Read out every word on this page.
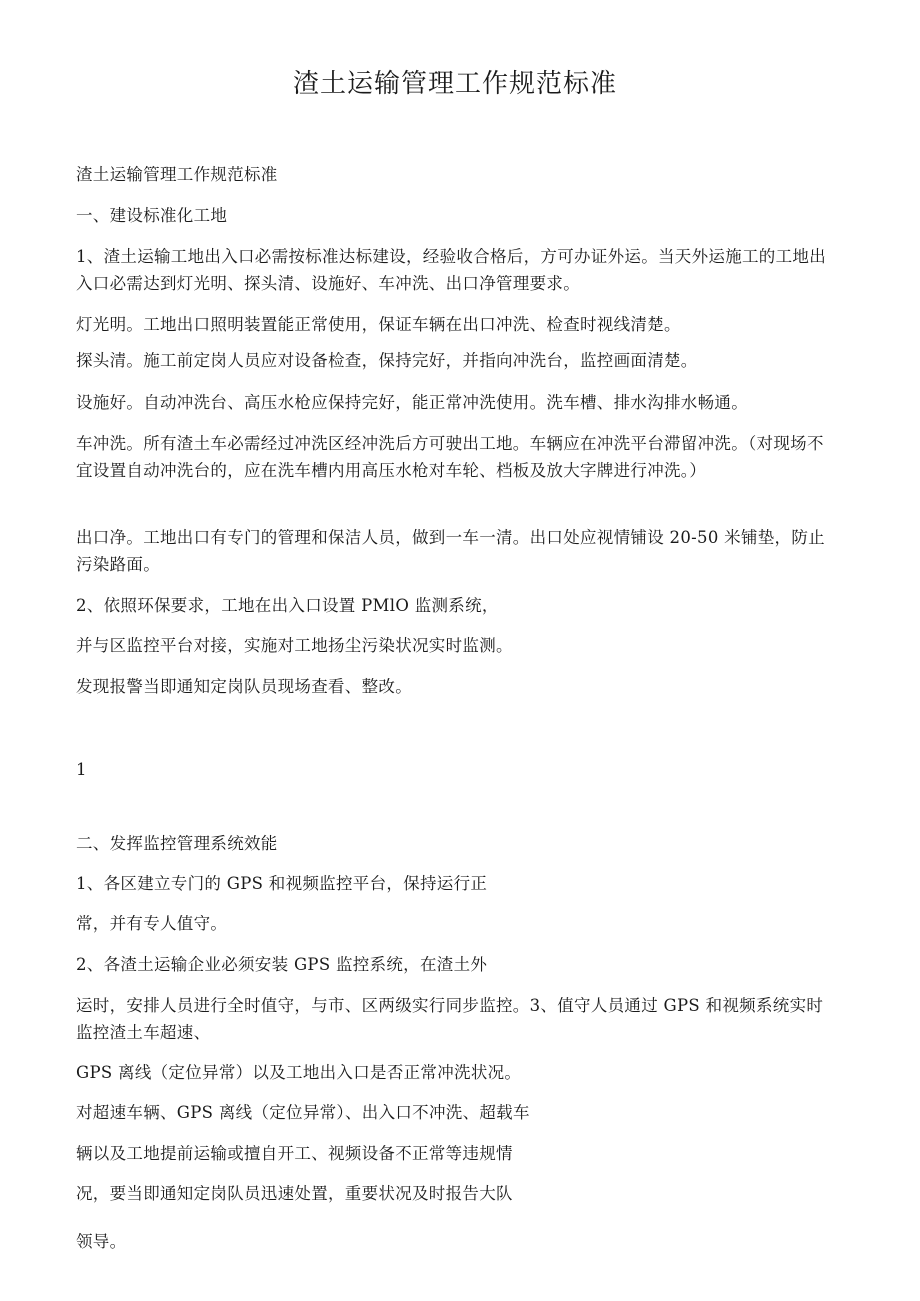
渣土运输管理工作规范标准

渣土运输管理工作规范标准

一、建设标准化工地

1、渣土运输工地出入口必需按标准达标建设，经验收合格后，方可办证外运。当天外运施工的工地出入口必需达到灯光明、探头清、设施好、车冲洗、出口净管理要求。

灯光明。工地出口照明装置能正常使用，保证车辆在出口冲洗、检查时视线清楚。

探头清。施工前定岗人员应对设备检查，保持完好，并指向冲洗台，监控画面清楚。

设施好。自动冲洗台、高压水枪应保持完好，能正常冲洗使用。洗车槽、排水沟排水畅通。

车冲洗。所有渣土车必需经过冲洗区经冲洗后方可驶出工地。车辆应在冲洗平台滞留冲洗。（对现场不宜设置自动冲洗台的，应在洗车槽内用高压水枪对车轮、档板及放大字牌进行冲洗。）

出口净。工地出口有专门的管理和保洁人员，做到一车一清。出口处应视情铺设 20-50 米铺垫，防止污染路面。

2、依照环保要求，工地在出入口设置 PMlO 监测系统，

并与区监控平台对接，实施对工地扬尘污染状况实时监测。

发现报警当即通知定岗队员现场查看、整改。

1

二、发挥监控管理系统效能

1、各区建立专门的 GPS 和视频监控平台，保持运行正

常，并有专人值守。

2、各渣土运输企业必须安装 GPS 监控系统，在渣土外

运时，安排人员进行全时值守，与市、区两级实行同步监控。3、值守人员通过 GPS 和视频系统实时监控渣土车超速、

GPS 离线（定位异常）以及工地出入口是否正常冲洗状况。

对超速车辆、GPS 离线（定位异常）、出入口不冲洗、超载车

辆以及工地提前运输或擅自开工、视频设备不正常等违规情

况，要当即通知定岗队员迅速处置，重要状况及时报告大队

领导。
